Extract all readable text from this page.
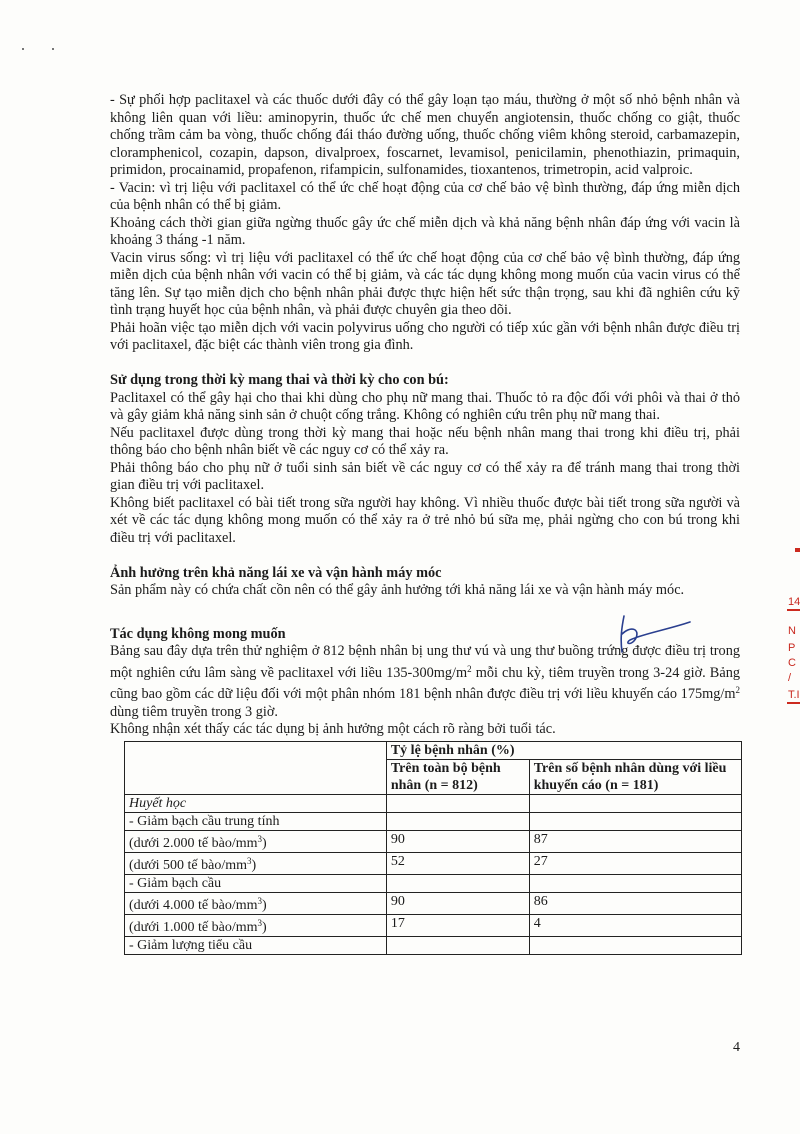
- Sự phối hợp paclitaxel và các thuốc dưới đây có thể gây loạn tạo máu, thường ở một số nhỏ bệnh nhân và không liên quan với liều: aminopyrin, thuốc ức chế men chuyển angiotensin, thuốc chống co giật, thuốc chống trầm cảm ba vòng, thuốc chống đái tháo đường uống, thuốc chống viêm không steroid, carbamazepin, cloramphenicol, cozapin, dapson, divalproex, foscarnet, levamisol, penicilamin, phenothiazin, primaquin, primidon, procainamid, propafenon, rifampicin, sulfonamides, tioxantenos, trimetropin, acid valproic.

- Vacin: vì trị liệu với paclitaxel có thể ức chế hoạt động của cơ chế bảo vệ bình thường, đáp ứng miễn dịch của bệnh nhân có thể bị giảm.

Khoảng cách thời gian giữa ngừng thuốc gây ức chế miễn dịch và khả năng bệnh nhân đáp ứng với vacin là khoảng 3 tháng -1 năm.

Vacin virus sống: vì trị liệu với paclitaxel có thể ức chế hoạt động của cơ chế bảo vệ bình thường, đáp ứng miễn dịch của bệnh nhân với vacin có thể bị giảm, và các tác dụng không mong muốn của vacin virus có thể tăng lên. Sự tạo miễn dịch cho bệnh nhân phải được thực hiện hết sức thận trọng, sau khi đã nghiên cứu kỹ tình trạng huyết học của bệnh nhân, và phải được chuyên gia theo dõi.

Phải hoãn việc tạo miễn dịch với vacin polyvirus uống cho người có tiếp xúc gần với bệnh nhân được điều trị với paclitaxel, đặc biệt các thành viên trong gia đình.

Sử dụng trong thời kỳ mang thai và thời kỳ cho con bú:

Paclitaxel có thể gây hại cho thai khi dùng cho phụ nữ mang thai. Thuốc tỏ ra độc đối với phôi và thai ở thỏ và gây giảm khả năng sinh sản ở chuột cống trắng. Không có nghiên cứu trên phụ nữ mang thai.

Nếu paclitaxel được dùng trong thời kỳ mang thai hoặc nếu bệnh nhân mang thai trong khi điều trị, phải thông báo cho bệnh nhân biết về các nguy cơ có thể xảy ra.

Phải thông báo cho phụ nữ ở tuổi sinh sản biết về các nguy cơ có thể xảy ra để tránh mang thai trong thời gian điều trị với paclitaxel.

Không biết paclitaxel có bài tiết trong sữa người hay không. Vì nhiều thuốc được bài tiết trong sữa người và xét về các tác dụng không mong muốn có thể xảy ra ở trẻ nhỏ bú sữa mẹ, phải ngừng cho con bú trong khi điều trị với paclitaxel.

Ảnh hưởng trên khả năng lái xe và vận hành máy móc

Sản phẩm này có chứa chất cồn nên có thể gây ảnh hưởng tới khả năng lái xe và vận hành máy móc.

Tác dụng không mong muốn

Bảng sau đây dựa trên thử nghiệm ở 812 bệnh nhân bị ung thư vú và ung thư buồng trứng được điều trị trong một nghiên cứu lâm sàng về paclitaxel với liều $135-300mg/m^2$ mỗi chu kỳ, tiêm truyền trong 3-24 giờ. Bảng cũng bao gồm các dữ liệu đối với một phân nhóm 181 bệnh nhân được điều trị với liều khuyến cáo $175mg/m^2$ dùng tiêm truyền trong 3 giờ.

Không nhận xét thấy các tác dụng bị ảnh hưởng một cách rõ ràng bởi tuổi tác.

	Tỷ lệ bệnh nhân (%)	
	Trên toàn bộ bệnh nhân (n = 812)	Trên số bệnh nhân dùng với liều khuyến cáo (n = 181)
Huyết học		
- Giảm bạch cầu trung tính		
(dưới 2.000 tế bào/$mm^3$)	90	87
(dưới 500 tế bào/$mm^3$)	52	27
- Giảm bạch cầu		
(dưới 4.000 tế bào/$mm^3$)	90	86
(dưới 1.000 tế bào/$mm^3$)	17	4
- Giảm lượng tiểu cầu		
14
N
P
C
/
T.I
4
